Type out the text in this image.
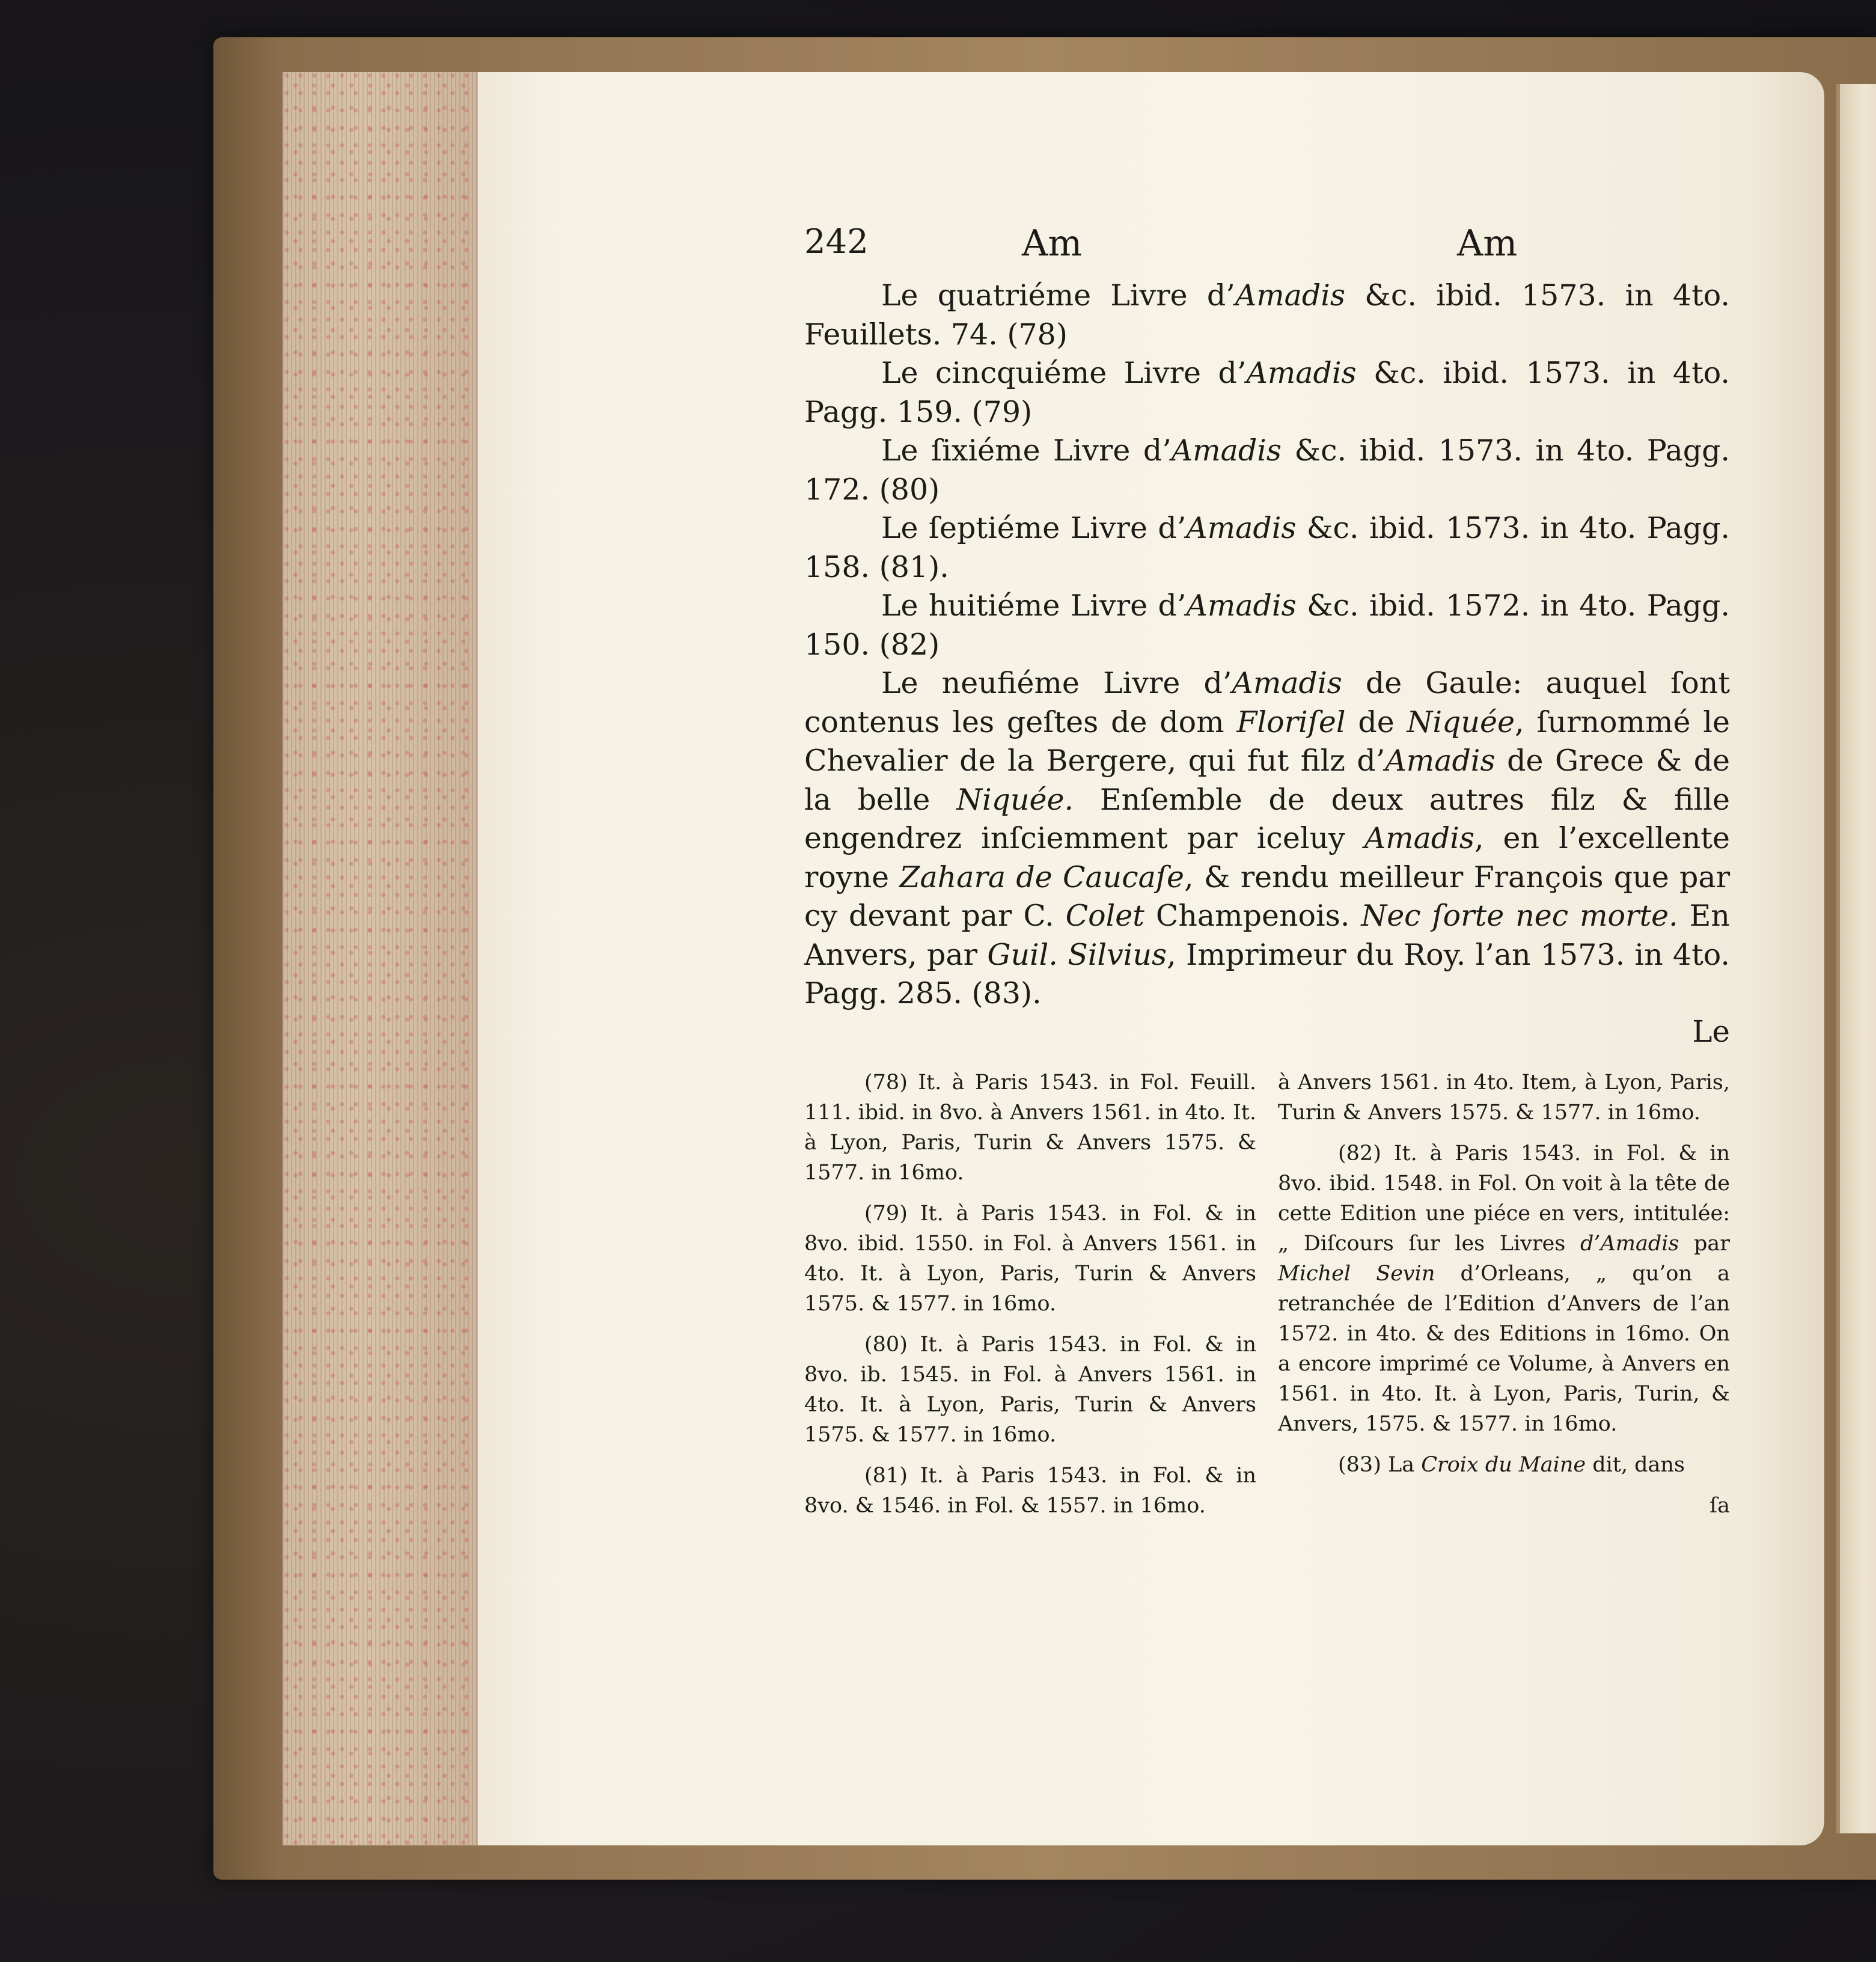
242	Am	Am

Le quatriéme Livre d’Amadis &c. ibid. 1573. in 4to. Feuillets. 74. (78)

Le cincquiéme Livre d’Amadis &c. ibid. 1573. in 4to. Pagg. 159. (79)

Le ſixiéme Livre d’Amadis &c. ibid. 1573. in 4to. Pagg. 172. (80)

Le ſeptiéme Livre d’Amadis &c. ibid. 1573. in 4to. Pagg. 158. (81).

Le huitiéme Livre d’Amadis &c. ibid. 1572. in 4to. Pagg. 150. (82)

Le neufiéme Livre d’Amadis de Gaule: auquel ſont contenus les geſtes de dom Floriſel de Niquée, ſurnommé le Chevalier de la Bergere, qui fut filz d’Amadis de Grece & de la belle Niquée. Enſemble de deux autres filz & fille engendrez inſciemment par iceluy Amadis, en l’excellente royne Zahara de Caucaſe, & rendu meilleur François que par cy devant par C. Colet Champenois. Nec ſorte nec morte. En Anvers, par Guil. Silvius, Imprimeur du Roy. l’an 1573. in 4to. Pagg. 285. (83).

Le

(78) It. à Paris 1543. in Fol. Feuill. 111. ibid. in 8vo. à Anvers 1561. in 4to. It. à Lyon, Paris, Turin & Anvers 1575. & 1577. in 16mo.

(79) It. à Paris 1543. in Fol. & in 8vo. ibid. 1550. in Fol. à Anvers 1561. in 4to. It. à Lyon, Paris, Turin & Anvers 1575. & 1577. in 16mo.

(80) It. à Paris 1543. in Fol. & in 8vo. ib. 1545. in Fol. à Anvers 1561. in 4to. It. à Lyon, Paris, Turin & Anvers 1575. & 1577. in 16mo.

(81) It. à Paris 1543. in Fol. & in 8vo. & 1546. in Fol. & 1557. in 16mo.

à Anvers 1561. in 4to. Item, à Lyon, Paris, Turin & Anvers 1575. & 1577. in 16mo.

(82) It. à Paris 1543. in Fol. & in 8vo. ibid. 1548. in Fol. On voit à la tête de cette Edition une piéce en vers, intitulée: „ Diſcours ſur les Livres d’Amadis par Michel Sevin d’Orleans, „ qu’on a retranchée de l’Edition d’Anvers de l’an 1572. in 4to. & des Editions in 16mo. On a encore imprimé ce Volume, à Anvers en 1561. in 4to. It. à Lyon, Paris, Turin, & Anvers, 1575. & 1577. in 16mo.

(83) La Croix du Maine dit, dans

ſa
